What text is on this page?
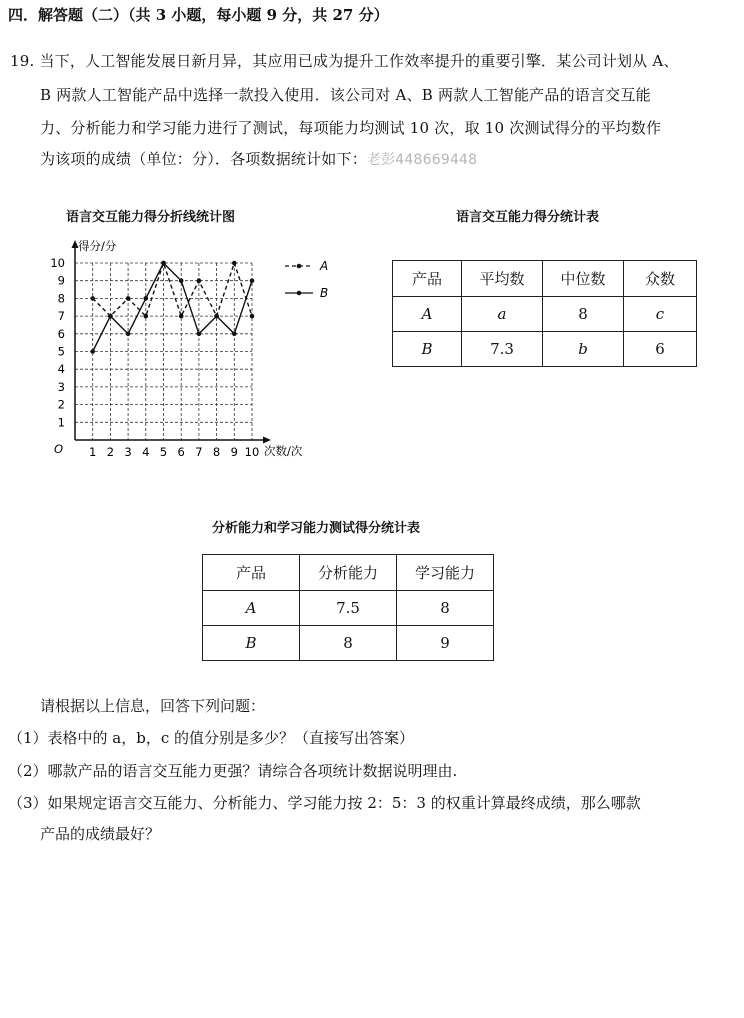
四．解答题（二）（共 3 小题，每小题 9 分，共 27 分）
19. 当下，人工智能发展日新月异，其应用已成为提升工作效率提升的重要引擎．某公司计划从 A、
B 两款人工智能产品中选择一款投入使用．该公司对 A、B 两款人工智能产品的语言交互能
力、分析能力和学习能力进行了测试，每项能力均测试 10 次，取 10 次测试得分的平均数作
为该项的成绩（单位：分）．各项数据统计如下：老彭448669448
语言交互能力得分折线统计图
得分/分
次数/次
O 1 2 3 4 5 6 7 8 9 10
1
2
3
4
5
6
7
8
9
10	A
B
语言交互能力得分统计表
产品	平均数	中位数	众数
A	a	8	c
B	7.3	b	6
分析能力和学习能力测试得分统计表
产品	分析能力	学习能力
A	7.5	8
B	8	9
请根据以上信息，回答下列问题：
（1）表格中的 a，b，c 的值分别是多少？（直接写出答案）
（2）哪款产品的语言交互能力更强？请综合各项统计数据说明理由.
（3）如果规定语言交互能力、分析能力、学习能力按 2：5：3 的权重计算最终成绩，那么哪款
产品的成绩最好？
